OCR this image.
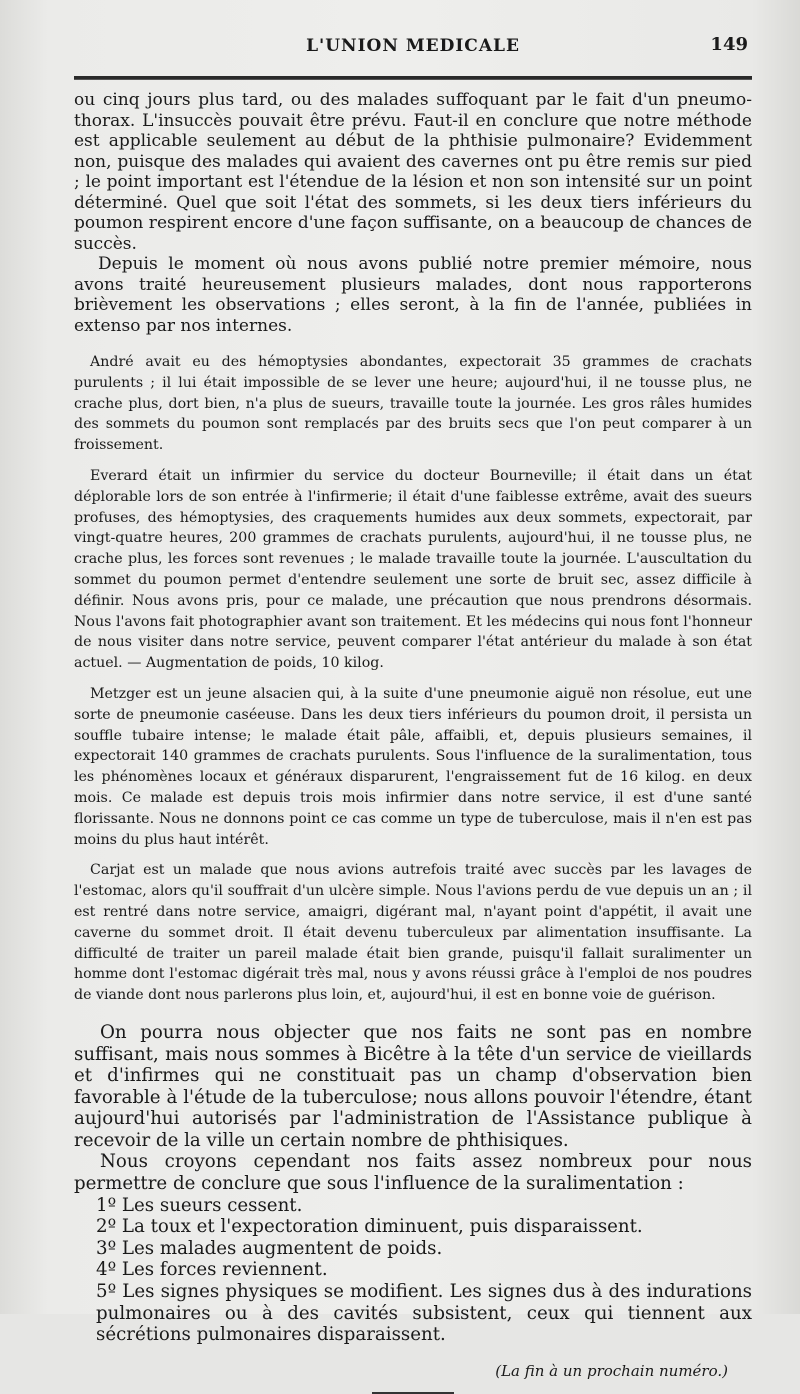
L'UNION MEDICALE	149

ou cinq jours plus tard, ou des malades suffoquant par le fait d'un pneumo-thorax. L'insuccès pouvait être prévu. Faut-il en conclure que notre méthode est applicable seulement au début de la phthisie pulmonaire? Evidemment non, puisque des malades qui avaient des cavernes ont pu être remis sur pied ; le point important est l'étendue de la lésion et non son intensité sur un point déterminé. Quel que soit l'état des sommets, si les deux tiers inférieurs du poumon respirent encore d'une façon suffisante, on a beaucoup de chances de succès.

Depuis le moment où nous avons publié notre premier mémoire, nous avons traité heureusement plusieurs malades, dont nous rapporterons brièvement les observations ; elles seront, à la fin de l'année, publiées in extenso par nos internes.

André avait eu des hémoptysies abondantes, expectorait 35 grammes de crachats purulents ; il lui était impossible de se lever une heure; aujourd'hui, il ne tousse plus, ne crache plus, dort bien, n'a plus de sueurs, travaille toute la journée. Les gros râles humides des sommets du poumon sont remplacés par des bruits secs que l'on peut comparer à un froissement.

Everard était un infirmier du service du docteur Bourneville; il était dans un état déplorable lors de son entrée à l'infirmerie; il était d'une faiblesse extrême, avait des sueurs profuses, des hémoptysies, des craquements humides aux deux sommets, expectorait, par vingt-quatre heures, 200 grammes de crachats purulents, aujourd'hui, il ne tousse plus, ne crache plus, les forces sont revenues ; le malade travaille toute la journée. L'auscultation du sommet du poumon permet d'entendre seulement une sorte de bruit sec, assez difficile à définir. Nous avons pris, pour ce malade, une précaution que nous prendrons désormais. Nous l'avons fait photographier avant son traitement. Et les médecins qui nous font l'honneur de nous visiter dans notre service, peuvent comparer l'état antérieur du malade à son état actuel. — Augmentation de poids, 10 kilog.

Metzger est un jeune alsacien qui, à la suite d'une pneumonie aiguë non résolue, eut une sorte de pneumonie caséeuse. Dans les deux tiers inférieurs du poumon droit, il persista un souffle tubaire intense; le malade était pâle, affaibli, et, depuis plusieurs semaines, il expectorait 140 grammes de crachats purulents. Sous l'influence de la suralimentation, tous les phénomènes locaux et généraux disparurent, l'engraissement fut de 16 kilog. en deux mois. Ce malade est depuis trois mois infirmier dans notre service, il est d'une santé florissante. Nous ne donnons point ce cas comme un type de tuberculose, mais il n'en est pas moins du plus haut intérêt.

Carjat est un malade que nous avions autrefois traité avec succès par les lavages de l'estomac, alors qu'il souffrait d'un ulcère simple. Nous l'avions perdu de vue depuis un an ; il est rentré dans notre service, amaigri, digérant mal, n'ayant point d'appétit, il avait une caverne du sommet droit. Il était devenu tuberculeux par alimentation insuffisante. La difficulté de traiter un pareil malade était bien grande, puisqu'il fallait suralimenter un homme dont l'estomac digérait très mal, nous y avons réussi grâce à l'emploi de nos poudres de viande dont nous parlerons plus loin, et, aujourd'hui, il est en bonne voie de guérison.

On pourra nous objecter que nos faits ne sont pas en nombre suffisant, mais nous sommes à Bicêtre à la tête d'un service de vieillards et d'infirmes qui ne constituait pas un champ d'observation bien favorable à l'étude de la tuberculose; nous allons pouvoir l'étendre, étant aujourd'hui autorisés par l'administration de l'Assistance publique à recevoir de la ville un certain nombre de phthisiques.

Nous croyons cependant nos faits assez nombreux pour nous permettre de conclure que sous l'influence de la suralimentation :

1º Les sueurs cessent.
2º La toux et l'expectoration diminuent, puis disparaissent.
3º Les malades augmentent de poids.
4º Les forces reviennent.
5º Les signes physiques se modifient. Les signes dus à des indurations pulmonaires ou à des cavités subsistent, ceux qui tiennent aux sécrétions pulmonaires disparaissent.
(La fin à un prochain numéro.)
